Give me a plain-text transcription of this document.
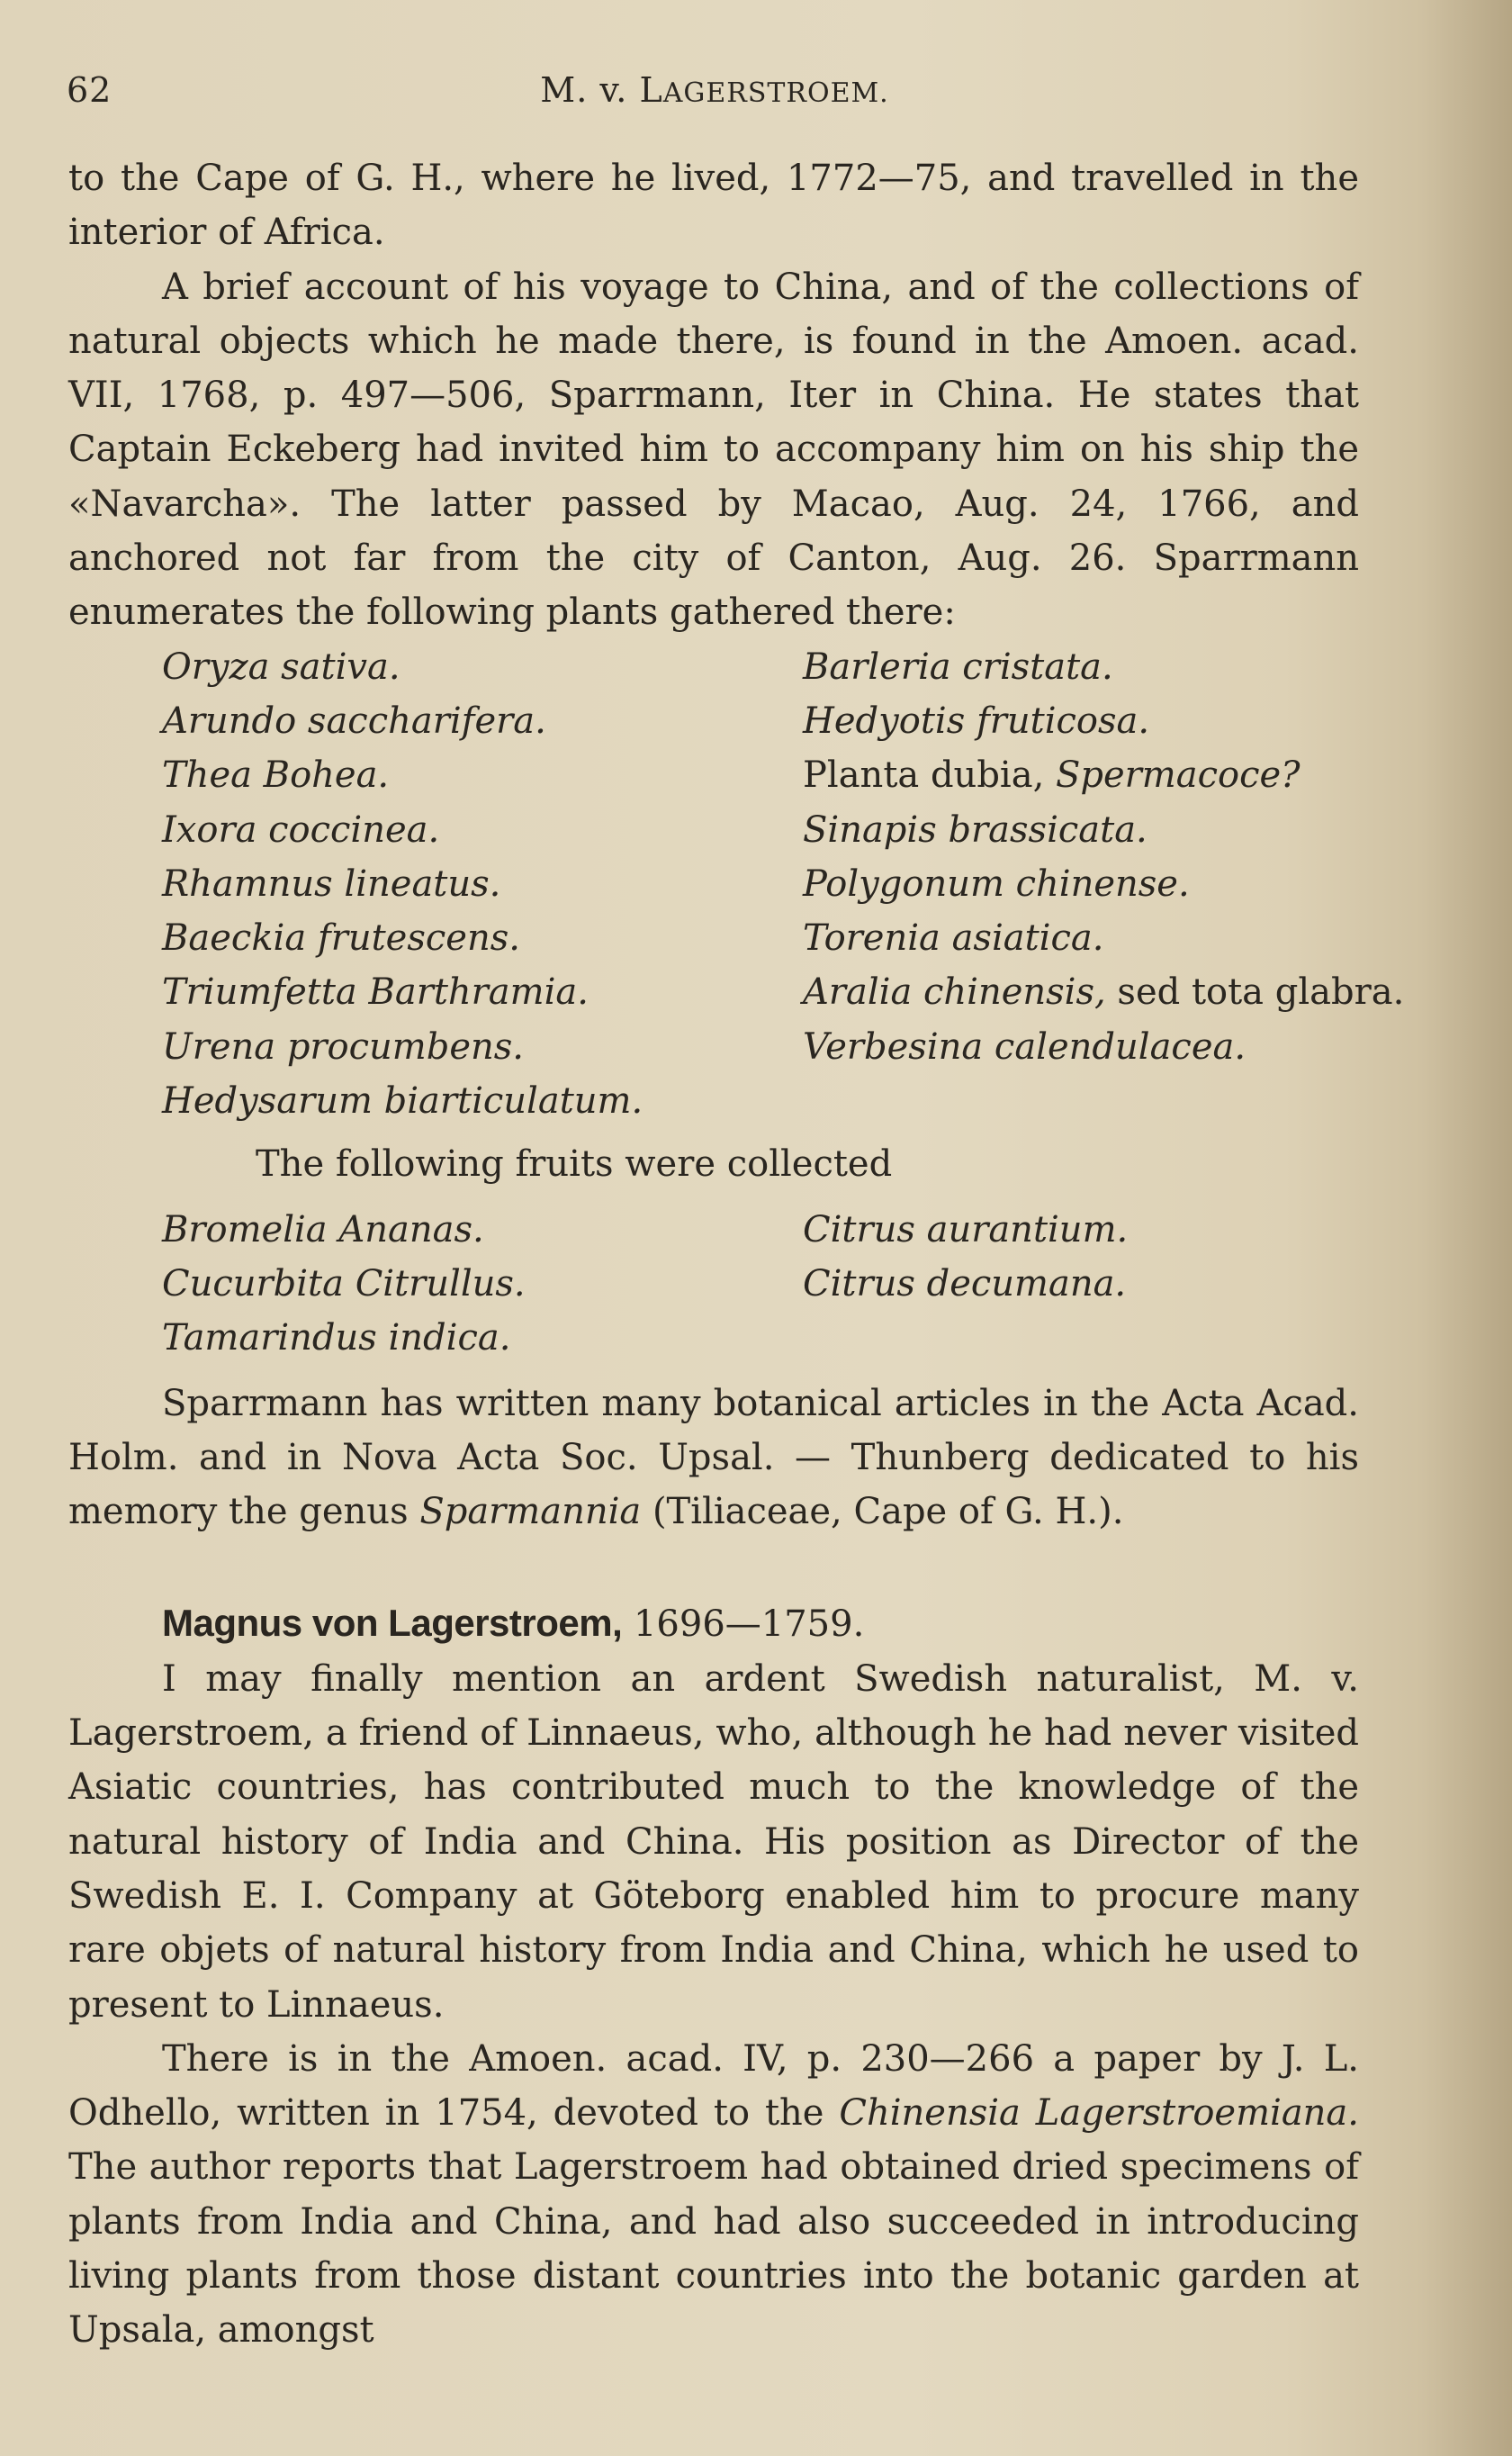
62	M. v. LAGERSTROEM.

to the Cape of G. H., where he lived, 1772—75, and travelled in the interior of Africa.

A brief account of his voyage to China, and of the collections of natural objects which he made there, is found in the Amoen. acad. VII, 1768, p. 497—506, Sparrmann, Iter in China. He states that Captain Eckeberg had invited him to accompany him on his ship the «Navarcha». The latter passed by Macao, Aug. 24, 1766, and anchored not far from the city of Canton, Aug. 26. Sparrmann enumerates the following plants gathered there:

Oryza sativa.	Barleria cristata.
Arundo saccharifera.	Hedyotis fruticosa.
Thea Bohea.	Planta dubia, Spermacoce?
Ixora coccinea.	Sinapis brassicata.
Rhamnus lineatus.	Polygonum chinense.
Baeckia frutescens.	Torenia asiatica.
Triumfetta Barthramia.	Aralia chinensis, sed tota glabra.
Urena procumbens.	Verbesina calendulacea.
Hedysarum biarticulatum.

The following fruits were collected

Bromelia Ananas.	Citrus aurantium.
Cucurbita Citrullus.	Citrus decumana.
Tamarindus indica.

Sparrmann has written many botanical articles in the Acta Acad. Holm. and in Nova Acta Soc. Upsal. — Thunberg dedicated to his memory the genus Sparmannia (Tiliaceae, Cape of G. H.).

Magnus von Lagerstroem, 1696—1759.

I may finally mention an ardent Swedish naturalist, M. v. Lagerstroem, a friend of Linnaeus, who, although he had never visited Asiatic countries, has contributed much to the knowledge of the natural history of India and China. His position as Director of the Swedish E. I. Company at Göteborg enabled him to procure many rare objets of natural history from India and China, which he used to present to Linnaeus.

There is in the Amoen. acad. IV, p. 230—266 a paper by J. L. Odhello, written in 1754, devoted to the Chinensia Lagerstroemiana. The author reports that Lagerstroem had obtained dried specimens of plants from India and China, and had also succeeded in introducing living plants from those distant countries into the botanic garden at Upsala, amongst
